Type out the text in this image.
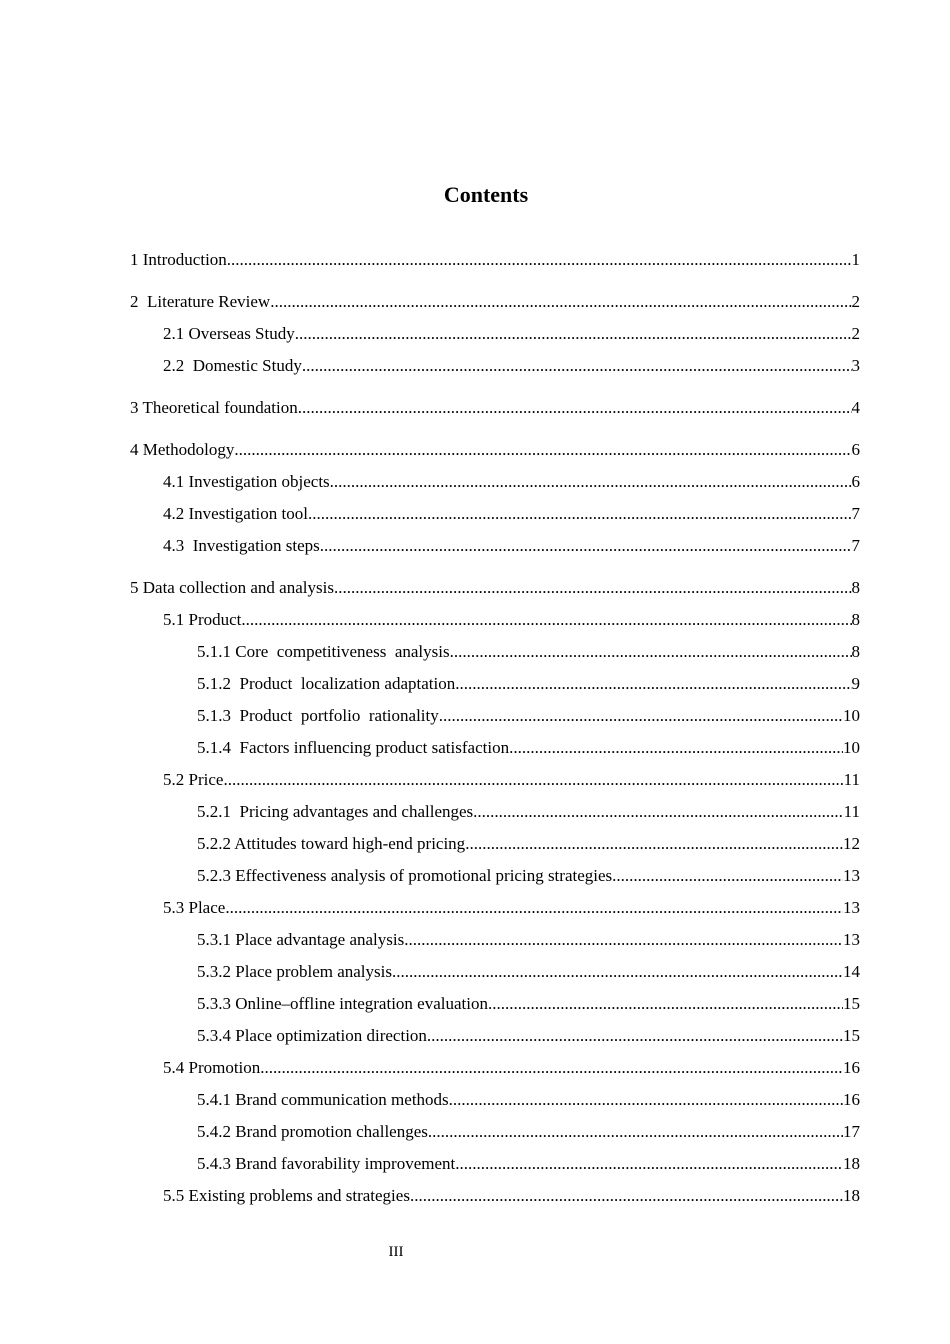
Contents
1 Introduction .....	1
2  Literature Review .....	2
2.1 Overseas Study .....	2
2.2  Domestic Study .....	3
3 Theoretical foundation .....	4
4 Methodology .....	6
4.1 Investigation objects .....	6
4.2 Investigation tool .....	7
4.3  Investigation steps .....	7
5 Data collection and analysis .....	8
5.1 Product .....	8
5.1.1 Core  competitiveness  analysis .....	8
5.1.2  Product  localization adaptation .....	9
5.1.3  Product  portfolio  rationality .....	10
5.1.4  Factors influencing product satisfaction .....	10
5.2 Price .....	11
5.2.1  Pricing advantages and challenges .....	11
5.2.2 Attitudes toward high-end pricing .....	12
5.2.3 Effectiveness analysis of promotional pricing strategies .....	13
5.3 Place .....	13
5.3.1 Place advantage analysis .....	13
5.3.2 Place problem analysis .....	14
5.3.3 Online–offline integration evaluation .....	15
5.3.4 Place optimization direction .....	15
5.4 Promotion .....	16
5.4.1 Brand communication methods .....	16
5.4.2 Brand promotion challenges .....	17
5.4.3 Brand favorability improvement .....	18
5.5 Existing problems and strategies .....	18
III
